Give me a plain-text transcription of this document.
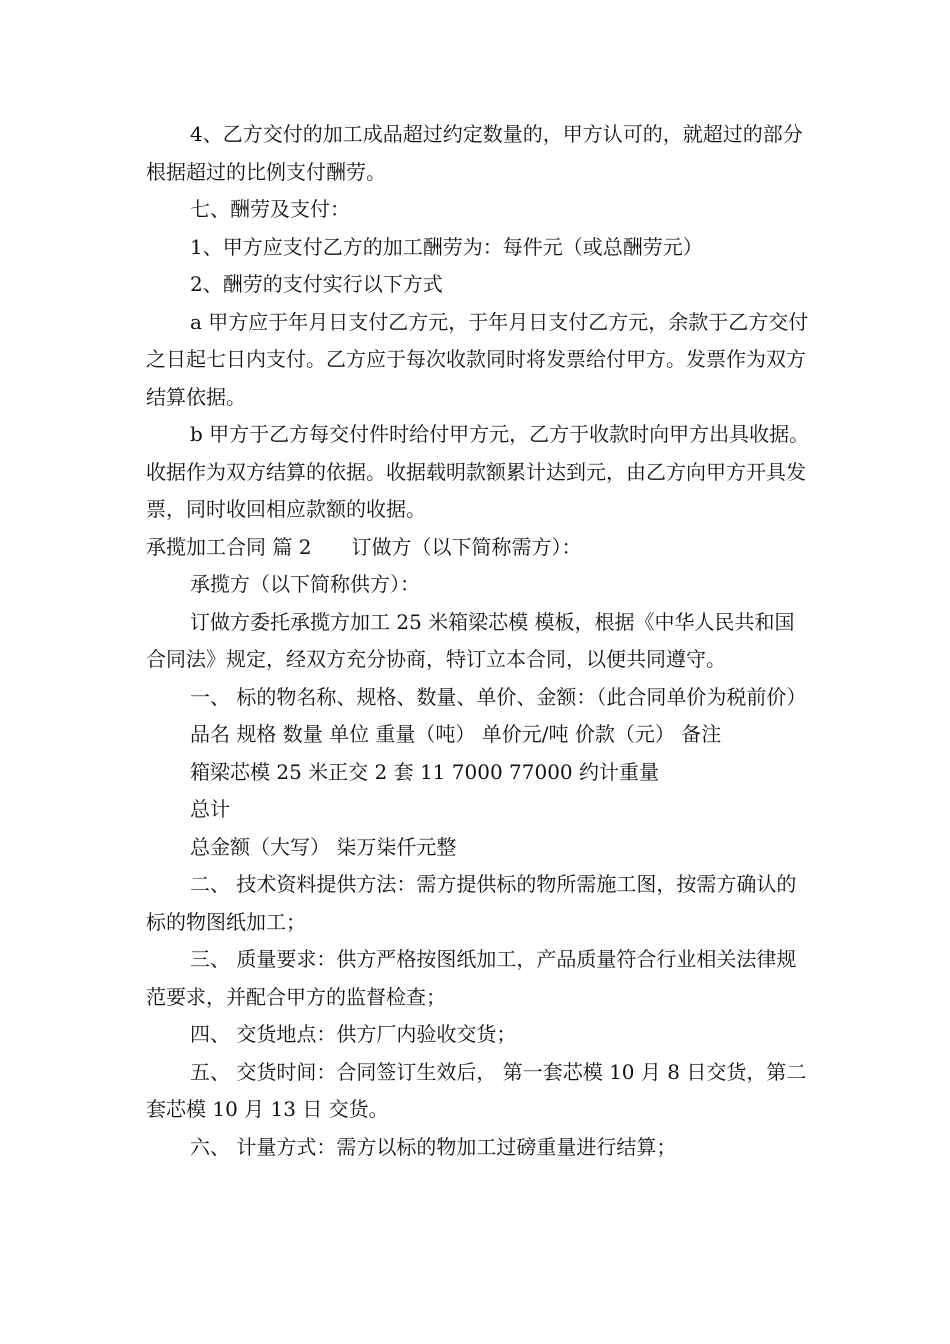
4、乙方交付的加工成品超过约定数量的，甲方认可的，就超过的部分根据超过的比例支付酬劳。

七、酬劳及支付：

1、甲方应支付乙方的加工酬劳为：每件元（或总酬劳元）

2、酬劳的支付实行以下方式

a 甲方应于年月日支付乙方元，于年月日支付乙方元，余款于乙方交付之日起七日内支付。乙方应于每次收款同时将发票给付甲方。发票作为双方结算依据。

b 甲方于乙方每交付件时给付甲方元，乙方于收款时向甲方出具收据。收据作为双方结算的依据。收据载明款额累计达到元，由乙方向甲方开具发票，同时收回相应款额的收据。

承揽加工合同 篇 2　　订做方（以下简称需方）：

承揽方（以下简称供方）：

订做方委托承揽方加工 25 米箱梁芯模 模板，根据《中华人民共和国合同法》规定，经双方充分协商，特订立本合同，以便共同遵守。

一、 标的物名称、规格、数量、单价、金额：（此合同单价为税前价）

品名 规格 数量 单位 重量（吨） 单价元/吨 价款（元） 备注

箱梁芯模 25 米正交 2 套 11 7000 77000 约计重量

总计

总金额（大写） 柒万柒仟元整

二、 技术资料提供方法：需方提供标的物所需施工图，按需方确认的标的物图纸加工；

三、 质量要求：供方严格按图纸加工，产品质量符合行业相关法律规范要求，并配合甲方的监督检查；

四、 交货地点：供方厂内验收交货；

五、 交货时间：合同签订生效后， 第一套芯模 10 月 8 日交货，第二套芯模 10 月 13 日 交货。

六、 计量方式：需方以标的物加工过磅重量进行结算；
